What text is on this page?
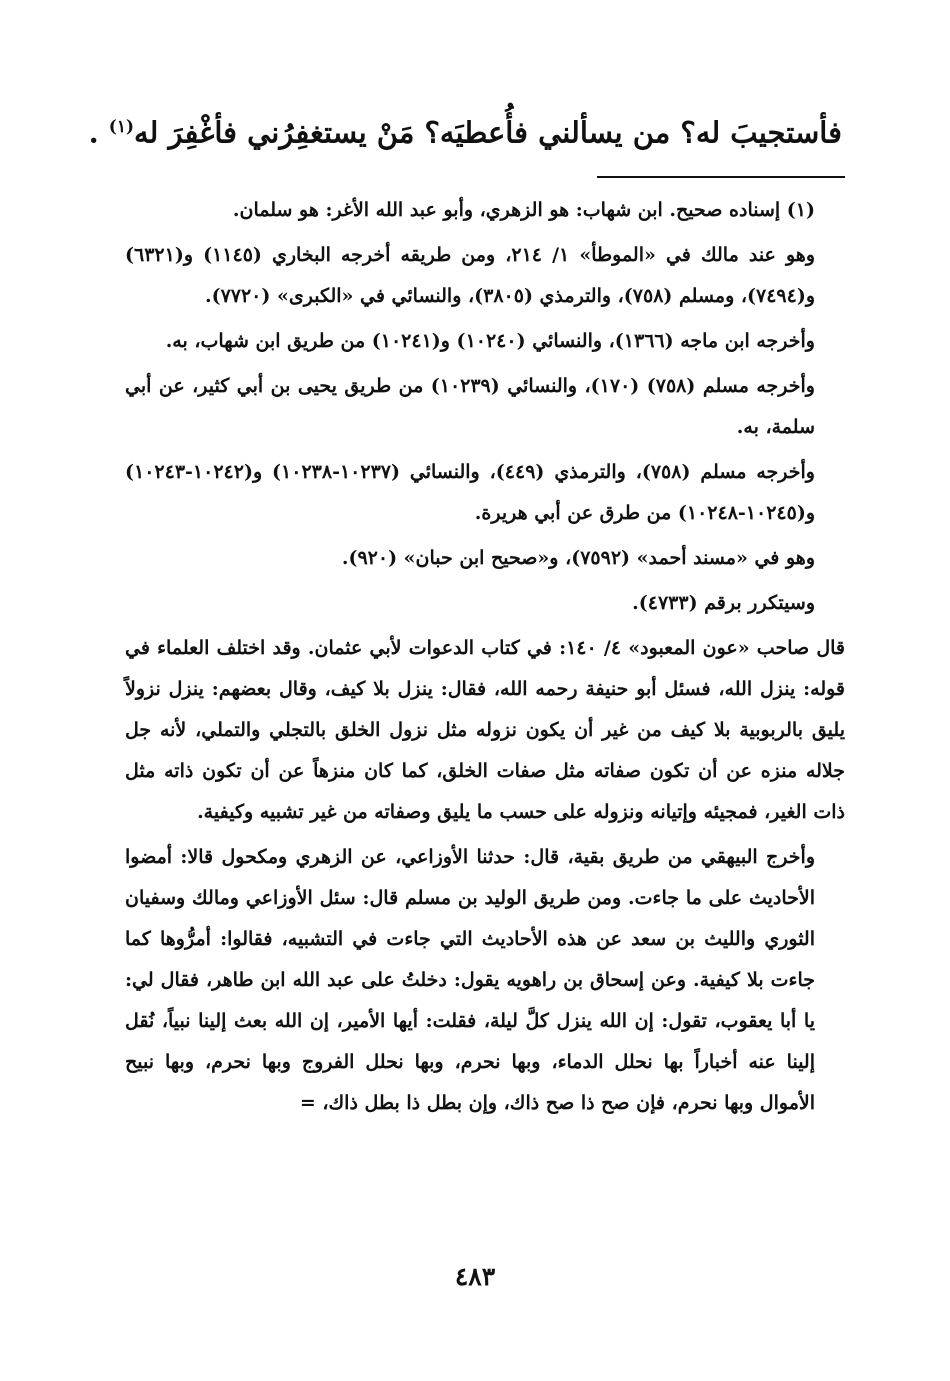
فأستجيبَ له؟ من يسألني فأُعطيَه؟ مَنْ يستغفِرُني فأغْفِرَ له$^{(١)}$ .

(١) إسناده صحيح. ابن شهاب: هو الزهري، وأبو عبد الله الأغر: هو سلمان.

وهو عند مالك في «الموطأ» ١/ ٢١٤، ومن طريقه أخرجه البخاري (١١٤٥) و(٦٣٢١) و(٧٤٩٤)، ومسلم (٧٥٨)، والترمذي (٣٨٠٥)، والنسائي في «الكبرى» (٧٧٢٠).

وأخرجه ابن ماجه (١٣٦٦)، والنسائي (١٠٢٤٠) و(١٠٢٤١) من طريق ابن شهاب، به.

وأخرجه مسلم (٧٥٨) (١٧٠)، والنسائي (١٠٢٣٩) من طريق يحيى بن أبي كثير، عن أبي سلمة، به.

وأخرجه مسلم (٧٥٨)، والترمذي (٤٤٩)، والنسائي (١٠٢٣٧-١٠٢٣٨) و(١٠٢٤٢-١٠٢٤٣) و(١٠٢٤٥-١٠٢٤٨) من طرق عن أبي هريرة.

وهو في «مسند أحمد» (٧٥٩٢)، و«صحيح ابن حبان» (٩٢٠).

وسيتكرر برقم (٤٧٣٣).

قال صاحب «عون المعبود» ٤/ ١٤٠: في كتاب الدعوات لأبي عثمان. وقد اختلف العلماء في قوله: ينزل الله، فسئل أبو حنيفة رحمه الله، فقال: ينزل بلا كيف، وقال بعضهم: ينزل نزولاً يليق بالربوبية بلا كيف من غير أن يكون نزوله مثل نزول الخلق بالتجلي والتملي، لأنه جل جلاله منزه عن أن تكون صفاته مثل صفات الخلق، كما كان منزهاً عن أن تكون ذاته مثل ذات الغير، فمجيئه وإتيانه ونزوله على حسب ما يليق وصفاته من غير تشبيه وكيفية.

وأخرج البيهقي من طريق بقية، قال: حدثنا الأوزاعي، عن الزهري ومكحول قالا: أمضوا الأحاديث على ما جاءت. ومن طريق الوليد بن مسلم قال: سئل الأوزاعي ومالك وسفيان الثوري والليث بن سعد عن هذه الأحاديث التي جاءت في التشبيه، فقالوا: أمرُّوها كما جاءت بلا كيفية. وعن إسحاق بن راهويه يقول: دخلتُ على عبد الله ابن طاهر، فقال لي: يا أبا يعقوب، تقول: إن الله ينزل كلَّ ليلة، فقلت: أيها الأمير، إن الله بعث إلينا نبياً، نُقل إلينا عنه أخباراً بها نحلل الدماء، وبها نحرم، وبها نحلل الفروج وبها نحرم، وبها نبيح الأموال وبها نحرم، فإن صح ذا صح ذاك، وإن بطل ذا بطل ذاك، =

٤٨٣
